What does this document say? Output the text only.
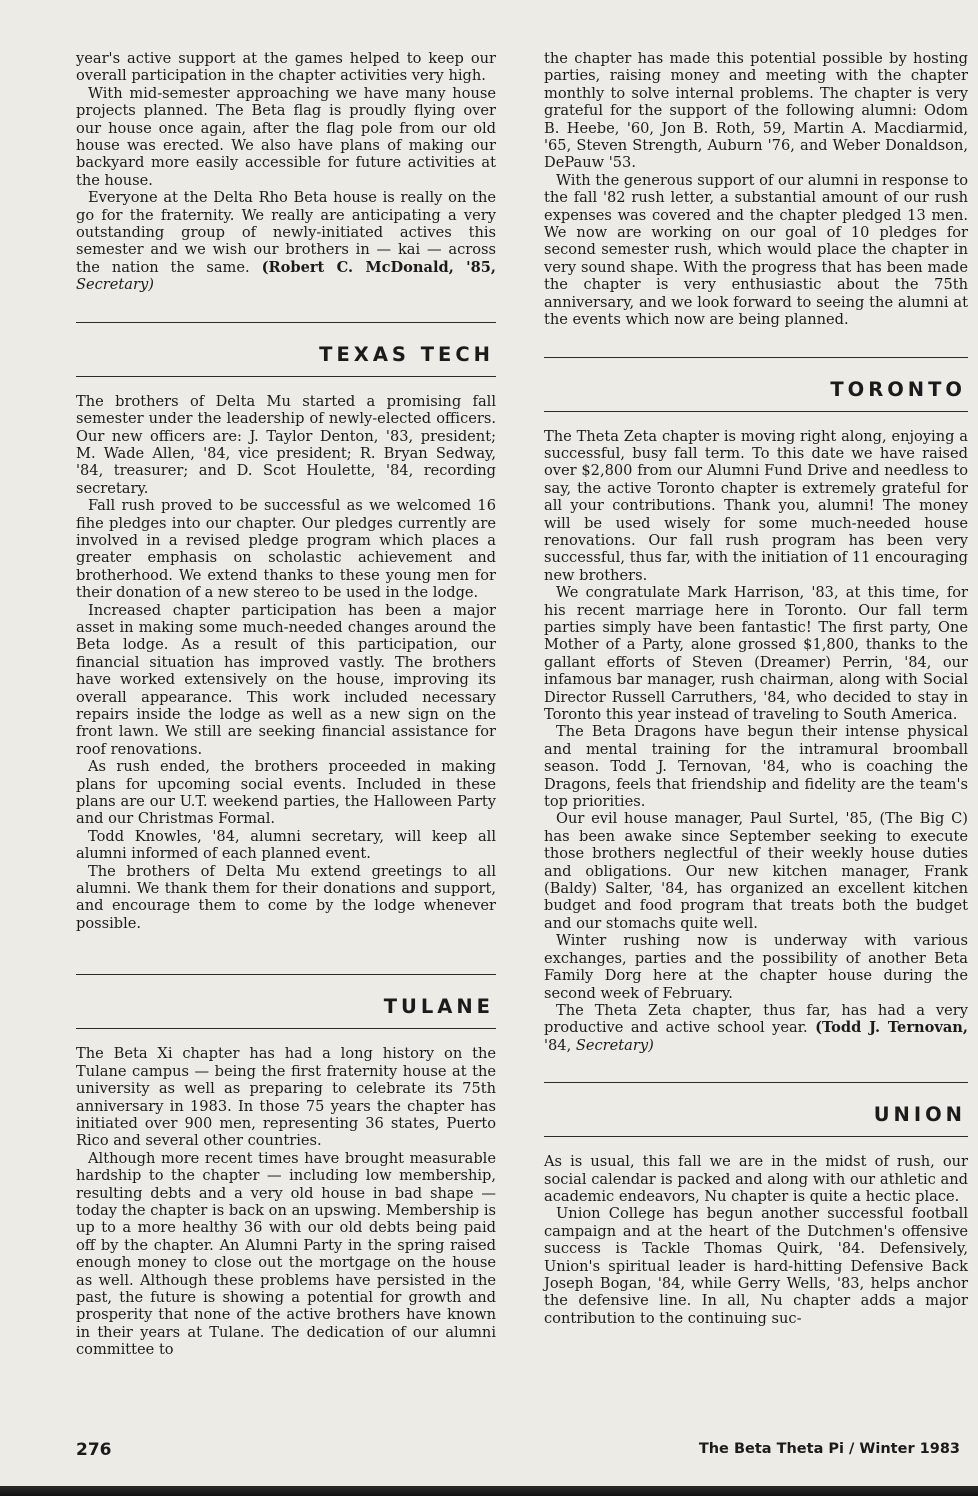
year's active support at the games helped to keep our overall participation in the chapter activities very high.

With mid-semester approaching we have many house projects planned. The Beta flag is proudly flying over our house once again, after the flag pole from our old house was erected. We also have plans of making our backyard more easily accessible for future activities at the house.

Everyone at the Delta Rho Beta house is really on the go for the fraternity. We really are anticipating a very outstanding group of newly-initiated actives this semester and we wish our brothers in — kai — across the nation the same. (Robert C. McDonald, '85, Secretary)

TEXAS TECH

The brothers of Delta Mu started a promising fall semester under the leadership of newly-elected officers. Our new officers are: J. Taylor Denton, '83, president; M. Wade Allen, '84, vice president; R. Bryan Sedway, '84, treasurer; and D. Scot Houlette, '84, recording secretary.

Fall rush proved to be successful as we welcomed 16 fihe pledges into our chapter. Our pledges currently are involved in a revised pledge program which places a greater emphasis on scholastic achievement and brotherhood. We extend thanks to these young men for their donation of a new stereo to be used in the lodge.

Increased chapter participation has been a major asset in making some much-needed changes around the Beta lodge. As a result of this participation, our financial situation has improved vastly. The brothers have worked extensively on the house, improving its overall appearance. This work included necessary repairs inside the lodge as well as a new sign on the front lawn. We still are seeking financial assistance for roof renovations.

As rush ended, the brothers proceeded in making plans for upcoming social events. Included in these plans are our U.T. weekend parties, the Halloween Party and our Christmas Formal.

Todd Knowles, '84, alumni secretary, will keep all alumni informed of each planned event.

The brothers of Delta Mu extend greetings to all alumni. We thank them for their donations and support, and encourage them to come by the lodge whenever possible.

TULANE

The Beta Xi chapter has had a long history on the Tulane campus — being the first fraternity house at the university as well as preparing to celebrate its 75th anniversary in 1983. In those 75 years the chapter has initiated over 900 men, representing 36 states, Puerto Rico and several other countries.

Although more recent times have brought measurable hardship to the chapter — including low membership, resulting debts and a very old house in bad shape — today the chapter is back on an upswing. Membership is up to a more healthy 36 with our old debts being paid off by the chapter. An Alumni Party in the spring raised enough money to close out the mortgage on the house as well. Although these problems have persisted in the past, the future is showing a potential for growth and prosperity that none of the active brothers have known in their years at Tulane. The dedication of our alumni committee to

the chapter has made this potential possible by hosting parties, raising money and meeting with the chapter monthly to solve internal problems. The chapter is very grateful for the support of the following alumni: Odom B. Heebe, '60, Jon B. Roth, 59, Martin A. Macdiarmid, '65, Steven Strength, Auburn '76, and Weber Donaldson, DePauw '53.

With the generous support of our alumni in response to the fall '82 rush letter, a substantial amount of our rush expenses was covered and the chapter pledged 13 men. We now are working on our goal of 10 pledges for second semester rush, which would place the chapter in very sound shape. With the progress that has been made the chapter is very enthusiastic about the 75th anniversary, and we look forward to seeing the alumni at the events which now are being planned.

TORONTO

The Theta Zeta chapter is moving right along, enjoying a successful, busy fall term. To this date we have raised over $2,800 from our Alumni Fund Drive and needless to say, the active Toronto chapter is extremely grateful for all your contributions. Thank you, alumni! The money will be used wisely for some much-needed house renovations. Our fall rush program has been very successful, thus far, with the initiation of 11 encouraging new brothers.

We congratulate Mark Harrison, '83, at this time, for his recent marriage here in Toronto. Our fall term parties simply have been fantastic! The first party, One Mother of a Party, alone grossed $1,800, thanks to the gallant efforts of Steven (Dreamer) Perrin, '84, our infamous bar manager, rush chairman, along with Social Director Russell Carruthers, '84, who decided to stay in Toronto this year instead of traveling to South America.

The Beta Dragons have begun their intense physical and mental training for the intramural broomball season. Todd J. Ternovan, '84, who is coaching the Dragons, feels that friendship and fidelity are the team's top priorities.

Our evil house manager, Paul Surtel, '85, (The Big C) has been awake since September seeking to execute those brothers neglectful of their weekly house duties and obligations. Our new kitchen manager, Frank (Baldy) Salter, '84, has organized an excellent kitchen budget and food program that treats both the budget and our stomachs quite well.

Winter rushing now is underway with various exchanges, parties and the possibility of another Beta Family Dorg here at the chapter house during the second week of February.

The Theta Zeta chapter, thus far, has had a very productive and active school year. (Todd J. Ternovan, '84, Secretary)

UNION

As is usual, this fall we are in the midst of rush, our social calendar is packed and along with our athletic and academic endeavors, Nu chapter is quite a hectic place.

Union College has begun another successful football campaign and at the heart of the Dutchmen's offensive success is Tackle Thomas Quirk, '84. Defensively, Union's spiritual leader is hard-hitting Defensive Back Joseph Bogan, '84, while Gerry Wells, '83, helps anchor the defensive line. In all, Nu chapter adds a major contribution to the continuing suc-

276	The Beta Theta Pi / Winter 1983
